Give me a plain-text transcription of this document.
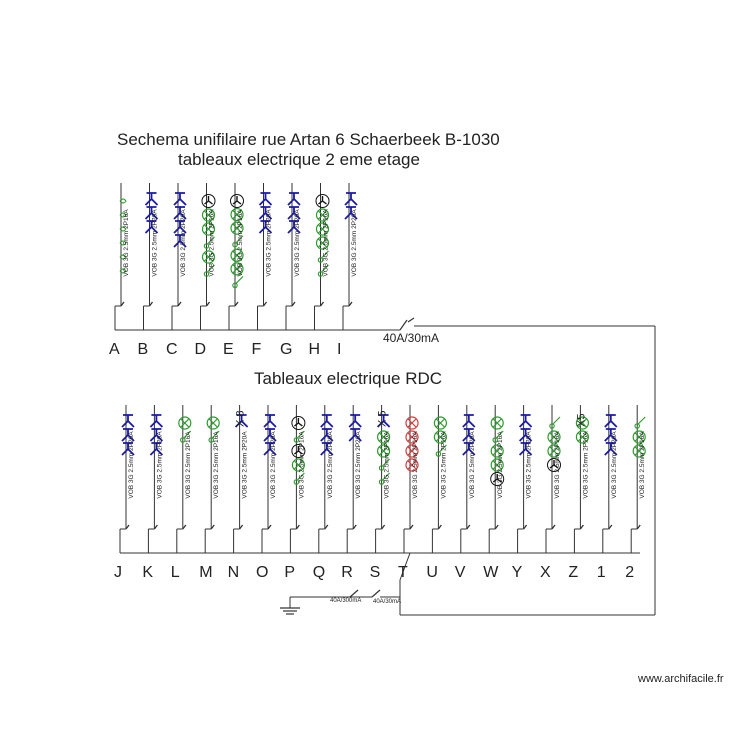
VOB 3G 2.5mm 2P16A
A
VOB 3G 2.5mm 2P20A
B
VOB 3G 2.5mm 2P20A
C
VOB 3G 2.5mm 2P16A
D
VOB 3G 2.5mm 2P16A
E
VOB 3G 2.5mm 2P20A
F
VOB 3G 2.5mm 2P20A
G
VOB 3G 2.5mm 2P16A
H
VOB 3G 2.5mm 2P20A
I
40A/30mA
VOB 3G 2.5mm 2P20A
J
VOB 3G 2.5mm 2P20A
K
VOB 3G 2.5mm 2P16A
L
VOB 3G 2.5mm 2P16A
M
VOB 3G 2.5mm 2P20A
X 8
N
VOB 3G 2.5mm 2P20A
O
VOB 3G 2.5mm 2P16A
P
VOB 3G 2.5mm 2P20A
Q
VOB 3G 2.5mm 2P20A
R
VOB 3G 2.5mm 2P16A
X 5
S
VOB 3G 2.5mm 2P16A
T
VOB 3G 2.5mm 2P16A
U
VOB 3G 2.5mm 2P20A
V
VOB 3G 2.5mm 2P16A
W
VOB 3G 2.5mm 2P20A
Y
VOB 3G 2.5mm 2P16A
X
VOB 3G 2.5mm 2P16A
X5
Z
VOB 3G 2.5mm 2P20A
1
VOB 3G 2.5mm 2P16A
2
40A/300mA 40A/30mA
Sechema unifilaire rue Artan 6 Schaerbeek B-1030
tableaux electrique 2 eme etage
Tableaux electrique RDC
www.archifacile.fr
